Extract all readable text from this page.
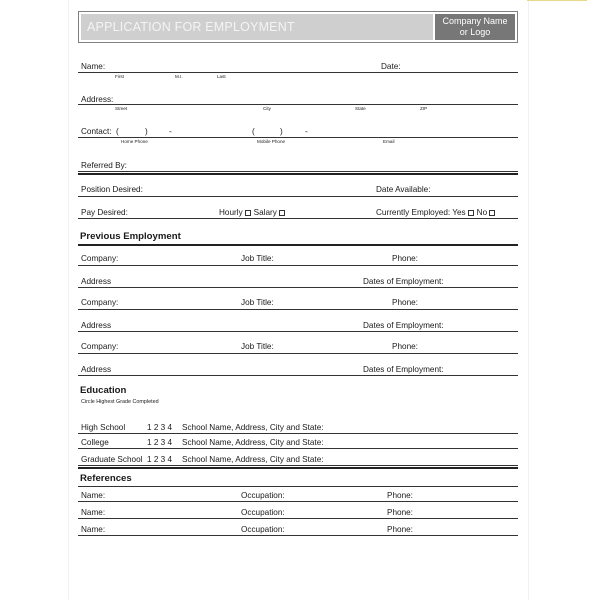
APPLICATION FOR EMPLOYMENT	Company Name
or Logo
Name:	Date:
First	M.I.	Last
Address:
Street	City	State	ZIP
Contact: (	)	-	(	)	-
Home Phone	Mobile Phone	Email
Referred By:
Position Desired:	Date Available:
Pay Desired:	Hourly Salary	Currently Employed: Yes No
Previous Employment
Company:	Job Title:	Phone:
Address	Dates of Employment:
Company:	Job Title:	Phone:
Address	Dates of Employment:
Company:	Job Title:	Phone:
Address	Dates of Employment:
Education
Circle Highest Grade Completed
High School	1 2 3 4 School Name, Address, City and State:
College	1 2 3 4 School Name, Address, City and State:
Graduate School 1 2 3 4 School Name, Address, City and State:
References
Name:	Occupation:	Phone:
Name:	Occupation:	Phone:
Name:	Occupation:	Phone:
